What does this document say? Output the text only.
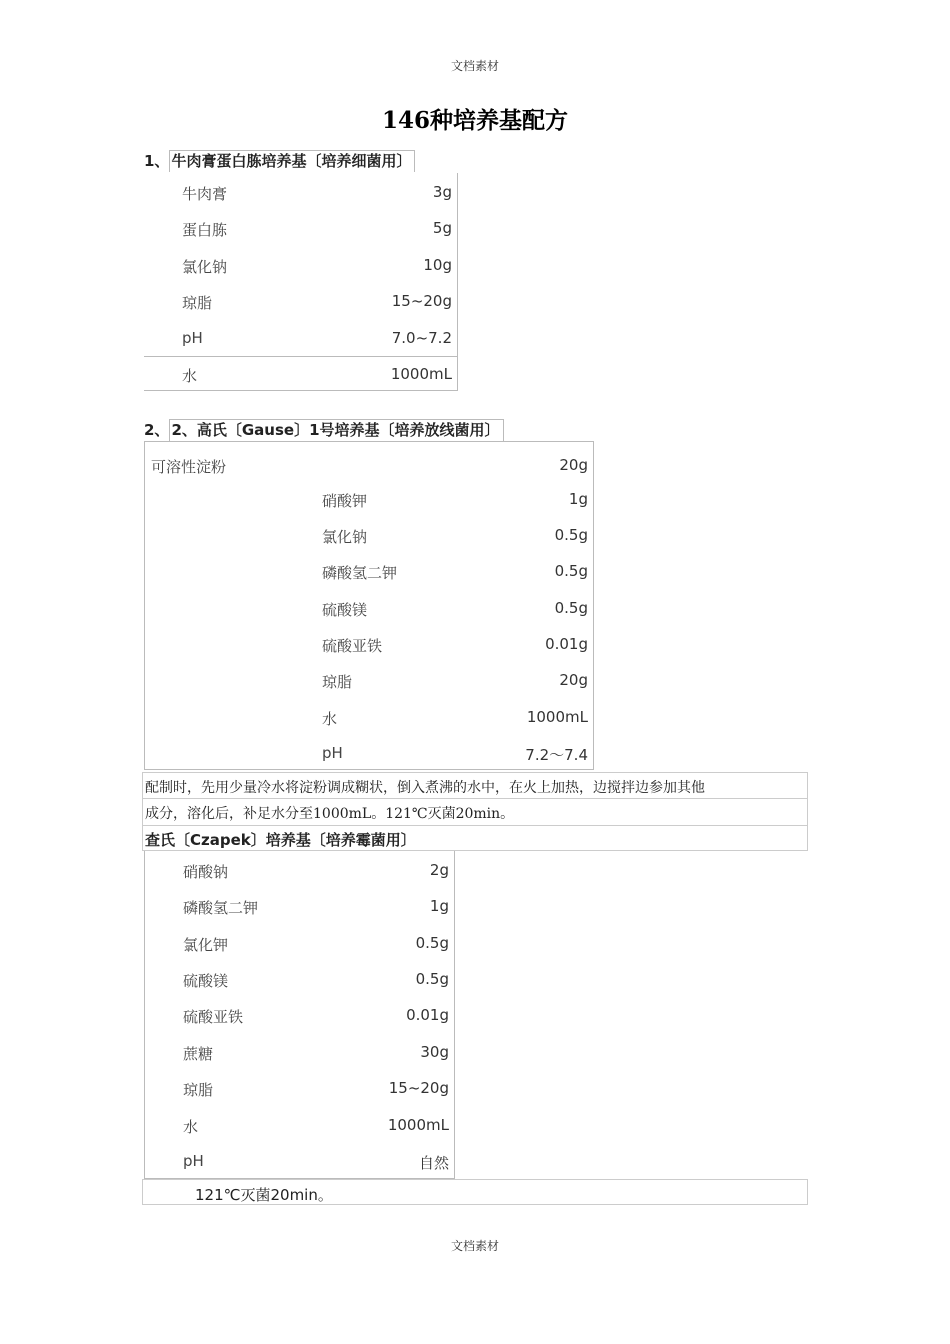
文档素材
146种培养基配方
1、 牛肉膏蛋白胨培养基〔培养细菌用〕
牛肉膏	3g
蛋白胨	5g
氯化钠	10g
琼脂	15~20g
pH	7.0~7.2
水	1000mL
2、 2、高氏〔Gause〕1号培养基〔培养放线菌用〕
可溶性淀粉	20g
硝酸钾	1g
氯化钠	0.5g
磷酸氢二钾	0.5g
硫酸镁	0.5g
硫酸亚铁	0.01g
琼脂	20g
水	1000mL
pH	7.2～7.4
配制时，先用少量冷水将淀粉调成糊状，倒入煮沸的水中，在火上加热，边搅拌边参加其他
成分，溶化后，补足水分至1000mL。121℃灭菌20min。
查氏〔Czapek〕培养基〔培养霉菌用〕
硝酸钠	2g
磷酸氢二钾	1g
氯化钾	0.5g
硫酸镁	0.5g
硫酸亚铁	0.01g
蔗糖	30g
琼脂	15~20g
水	1000mL
pH	自然
121℃灭菌20min。
文档素材
